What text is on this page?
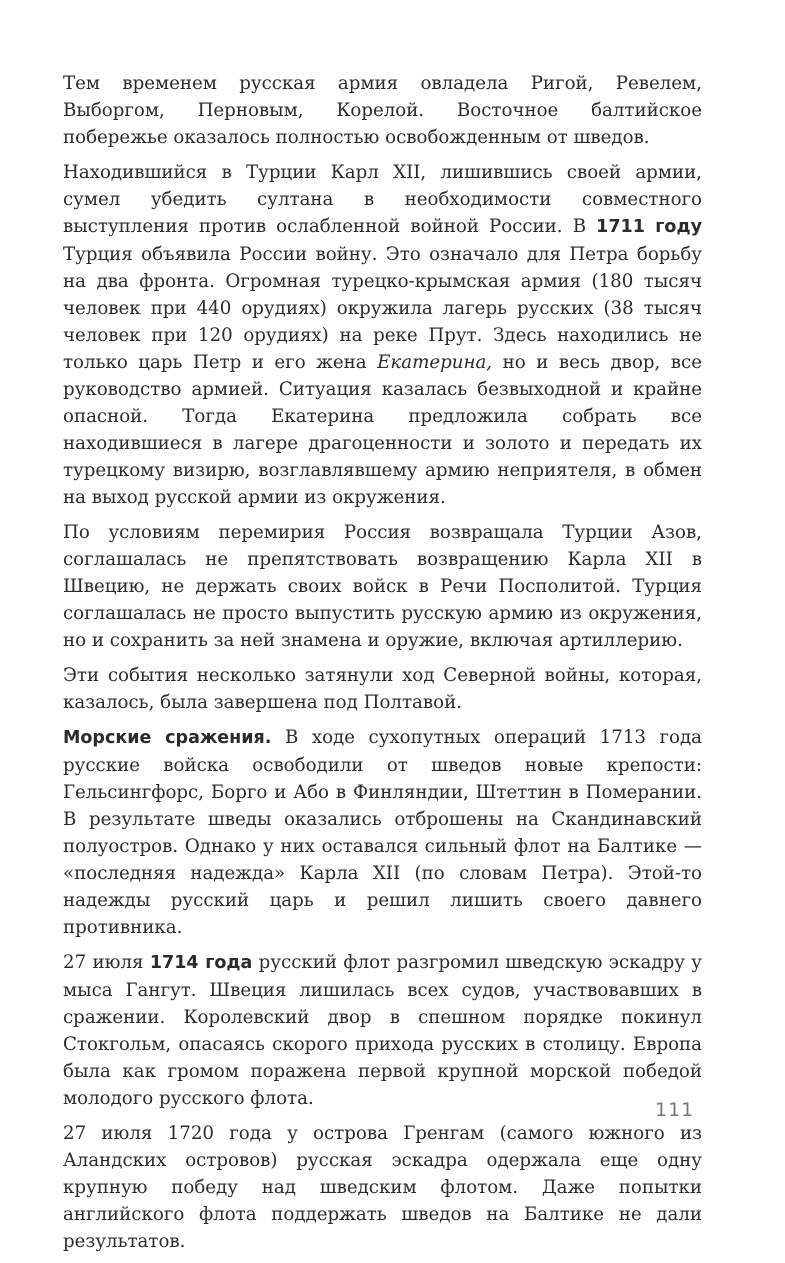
Тем временем русская армия овладела Ригой, Ревелем, Выборгом, Перновым, Корелой. Восточное балтийское побережье оказалось полностью освобожденным от шведов.

Находившийся в Турции Карл XII, лишившись своей армии, сумел убедить султана в необходимости совместного выступления против ослабленной войной России. В 1711 году Турция объявила России войну. Это означало для Петра борьбу на два фронта. Огромная турецко-крымская армия (180 тысяч человек при 440 орудиях) окружила лагерь русских (38 тысяч человек при 120 орудиях) на реке Прут. Здесь находились не только царь Петр и его жена Екатерина, но и весь двор, все руководство армией. Ситуация казалась безвыходной и крайне опасной. Тогда Екатерина предложила собрать все находившиеся в лагере драгоценности и золото и передать их турецкому визирю, возглавлявшему армию неприятеля, в обмен на выход русской армии из окружения.

По условиям перемирия Россия возвращала Турции Азов, соглашалась не препятствовать возвращению Карла XII в Швецию, не держать своих войск в Речи Посполитой. Турция соглашалась не просто выпустить русскую армию из окружения, но и сохранить за ней знамена и оружие, включая артиллерию.

Эти события несколько затянули ход Северной войны, которая, казалось, была завершена под Полтавой.

Морские сражения. В ходе сухопутных операций 1713 года русские войска освободили от шведов новые крепости: Гельсингфорс, Борго и Або в Финляндии, Штеттин в Померании. В результате шведы оказались отброшены на Скандинавский полуостров. Однако у них оставался сильный флот на Балтике — «последняя надежда» Карла XII (по словам Петра). Этой-то надежды русский царь и решил лишить своего давнего противника.

27 июля 1714 года русский флот разгромил шведскую эскадру у мыса Гангут. Швеция лишилась всех судов, участвовавших в сражении. Королевский двор в спешном порядке покинул Стокгольм, опасаясь скорого прихода русских в столицу. Европа была как громом поражена первой крупной морской победой молодого русского флота.

27 июля 1720 года у острова Гренгам (самого южного из Аландских островов) русская эскадра одержала еще одну крупную победу над шведским флотом. Даже попытки английского флота поддержать шведов на Балтике не дали результатов.

111
